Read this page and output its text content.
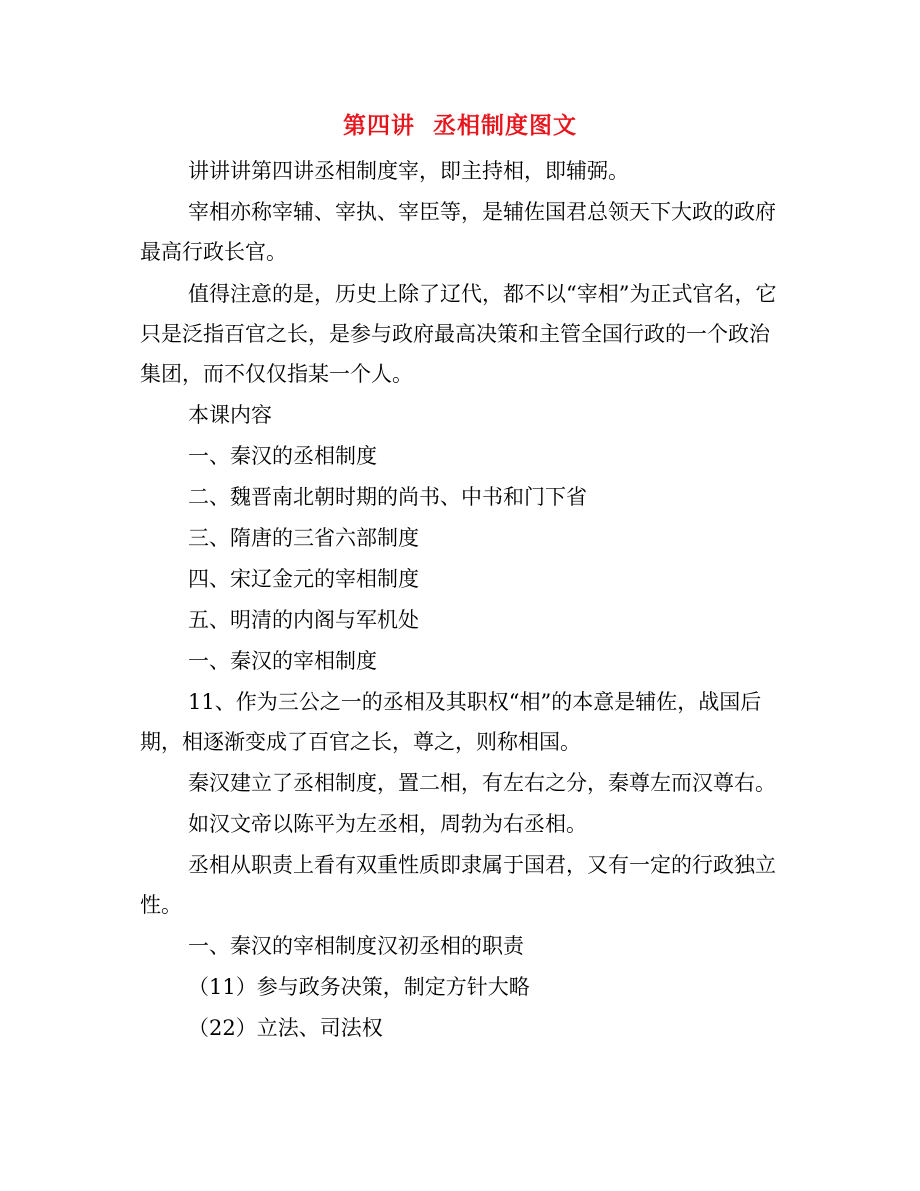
第四讲  丞相制度图文

讲讲讲第四讲丞相制度宰，即主持相，即辅弼。

宰相亦称宰辅、宰执、宰臣等，是辅佐国君总领天下大政的政府最高行政长官。

值得注意的是，历史上除了辽代，都不以“宰相”为正式官名，它只是泛指百官之长，是参与政府最高决策和主管全国行政的一个政治集团，而不仅仅指某一个人。

本课内容

一、秦汉的丞相制度

二、魏晋南北朝时期的尚书、中书和门下省

三、隋唐的三省六部制度

四、宋辽金元的宰相制度

五、明清的内阁与军机处

一、秦汉的宰相制度

11、作为三公之一的丞相及其职权“相”的本意是辅佐，战国后期，相逐渐变成了百官之长，尊之，则称相国。

秦汉建立了丞相制度，置二相，有左右之分，秦尊左而汉尊右。

如汉文帝以陈平为左丞相，周勃为右丞相。

丞相从职责上看有双重性质即隶属于国君，又有一定的行政独立性。

一、秦汉的宰相制度汉初丞相的职责

（11）参与政务决策，制定方针大略

（22）立法、司法权
